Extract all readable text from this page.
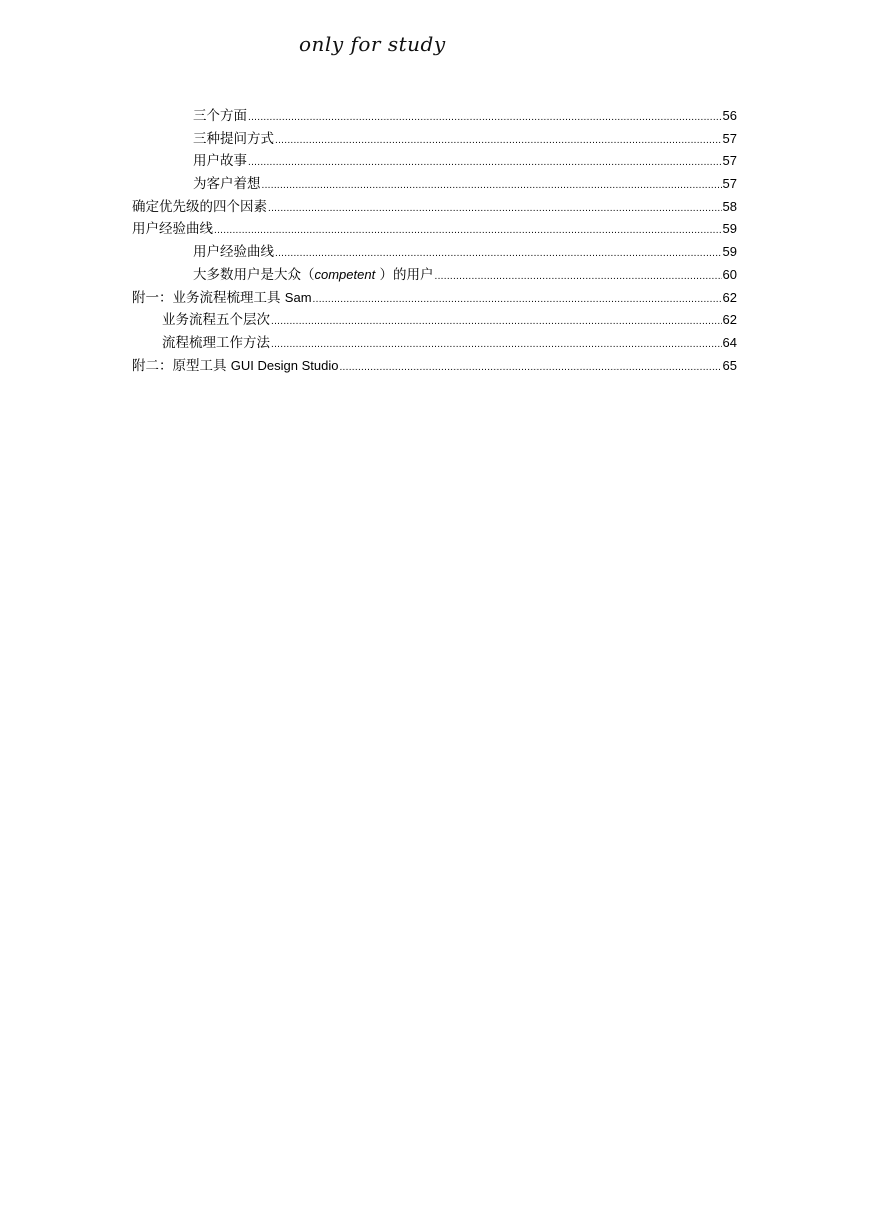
only for study
三个方面 .....	56
三种提问方式 .....	57
用户故事 .....	57
为客户着想 .....	57
确定优先级的四个因素 .....	58
用户经验曲线 .....	59
用户经验曲线 .....	59
大多数用户是大众（competent ）的用户 .....	60
附一：业务流程梳理工具 Sam .....	62
业务流程五个层次 .....	62
流程梳理工作方法 .....	64
附二：原型工具 GUI Design Studio .....	65
